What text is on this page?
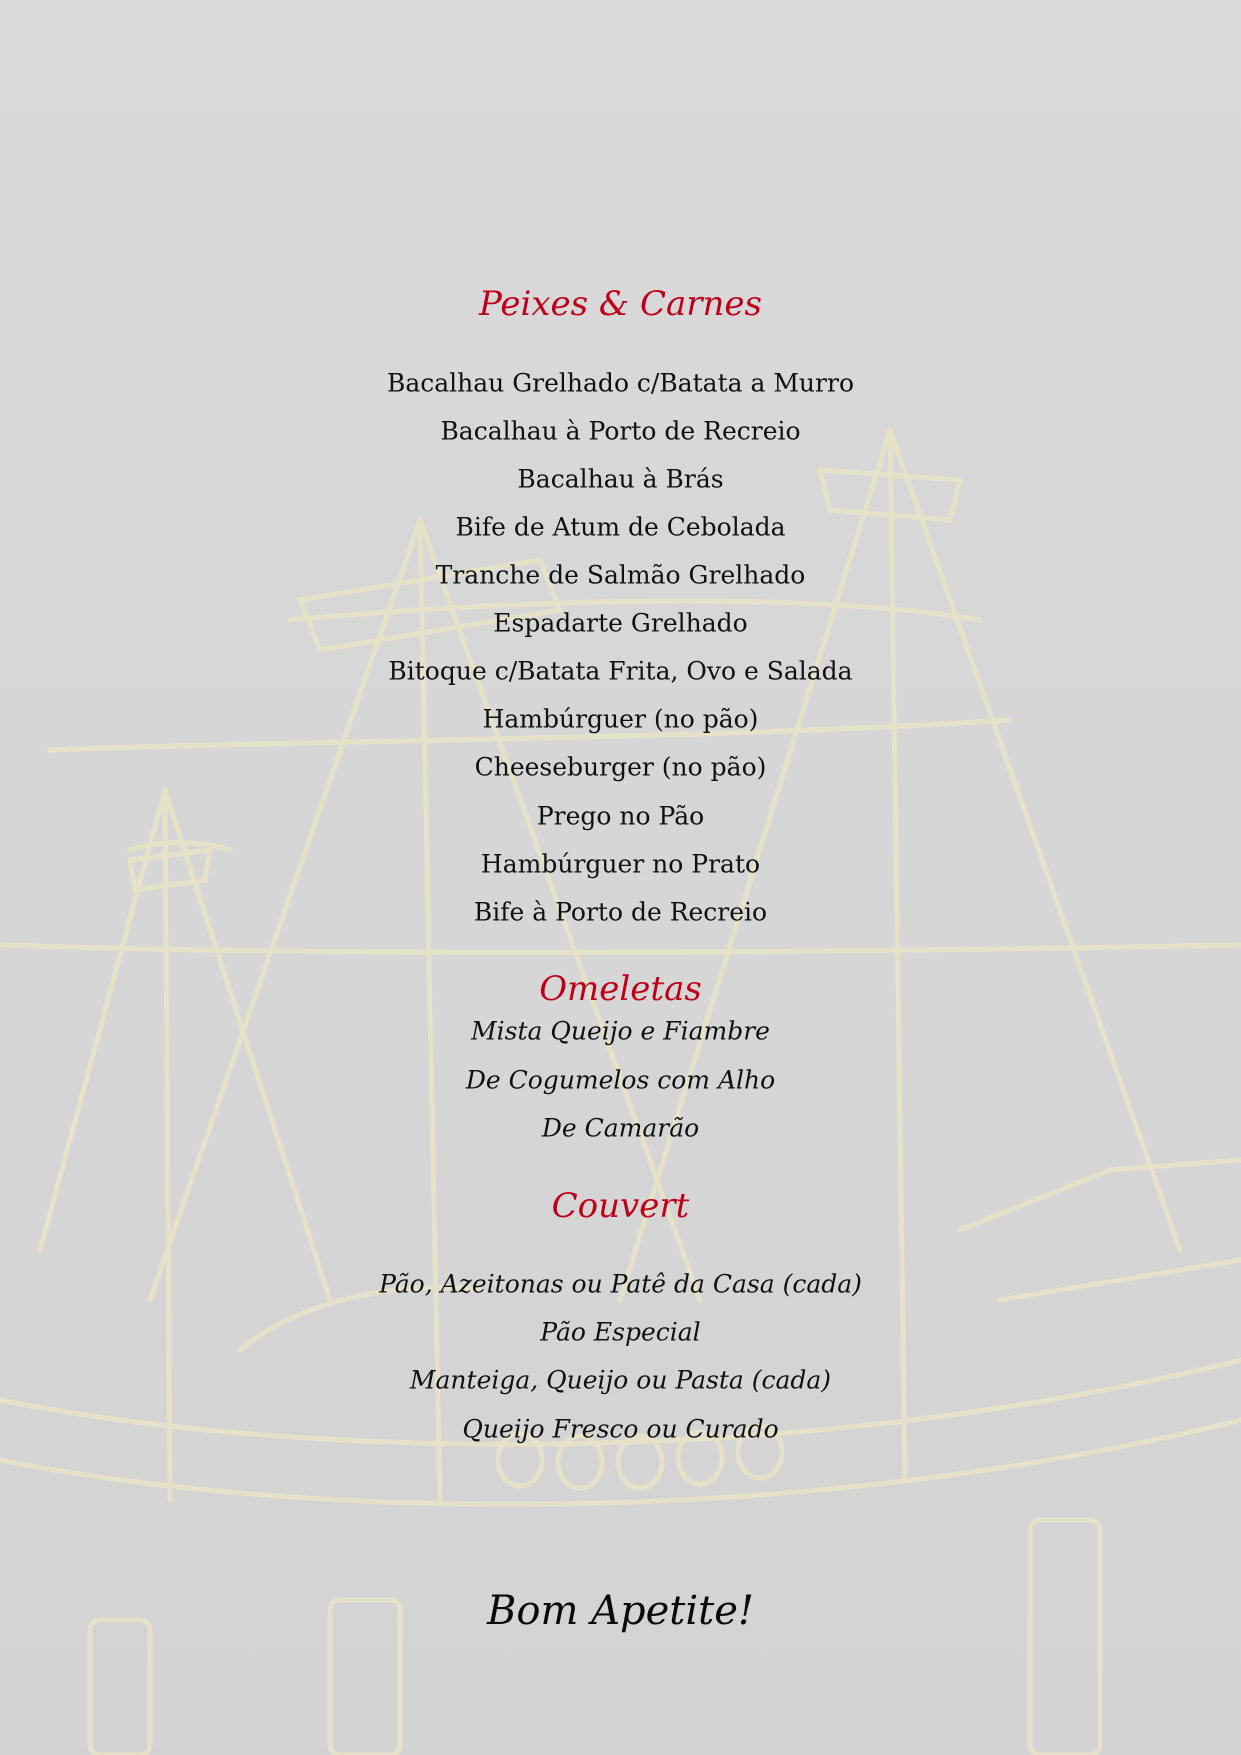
Peixes & Carnes
Bacalhau Grelhado c/Batata a Murro
Bacalhau à Porto de Recreio
Bacalhau à Brás
Bife de Atum de Cebolada
Tranche de Salmão Grelhado
Espadarte Grelhado
Bitoque c/Batata Frita, Ovo e Salada
Hambúrguer (no pão)
Cheeseburger (no pão)
Prego no Pão
Hambúrguer no Prato
Bife à Porto de Recreio
Omeletas
Mista Queijo e Fiambre
De Cogumelos com Alho
De Camarão
Couvert
Pão, Azeitonas ou Patê da Casa (cada)
Pão Especial
Manteiga, Queijo ou Pasta (cada)
Queijo Fresco ou Curado
Bom Apetite!
